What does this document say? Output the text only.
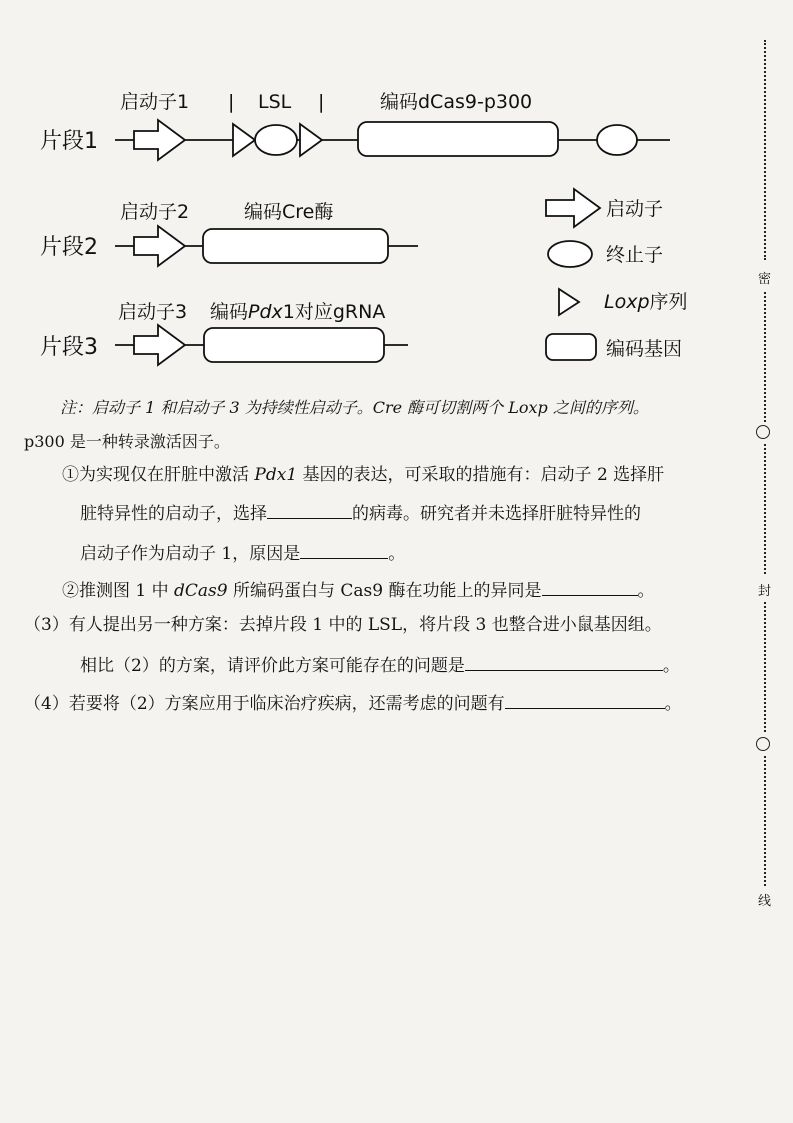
启动子1 | LSL |	编码dCas9-p300
片段1
启动子2	编码Cre酶
片段2
启动子3 编码Pdx1对应gRNA
片段3
启动子
终止子
Loxp序列
编码基因
注：启动子 1 和启动子 3 为持续性启动子。Cre 酶可切割两个 Loxp 之间的序列。
p300 是一种转录激活因子。
①为实现仅在肝脏中激活 Pdx1 基因的表达，可采取的措施有：启动子 2 选择肝
脏特异性的启动子，选择	的病毒。研究者并未选择肝脏特异性的
启动子作为启动子 1，原因是	。
②推测图 1 中 dCas9 所编码蛋白与 Cas9 酶在功能上的异同是	。
（3）有人提出另一种方案：去掉片段 1 中的 LSL，将片段 3 也整合进小鼠基因组。
相比（2）的方案，请评价此方案可能存在的问题是	。
（4）若要将（2）方案应用于临床治疗疾病，还需考虑的问题有	。
密
封
线
